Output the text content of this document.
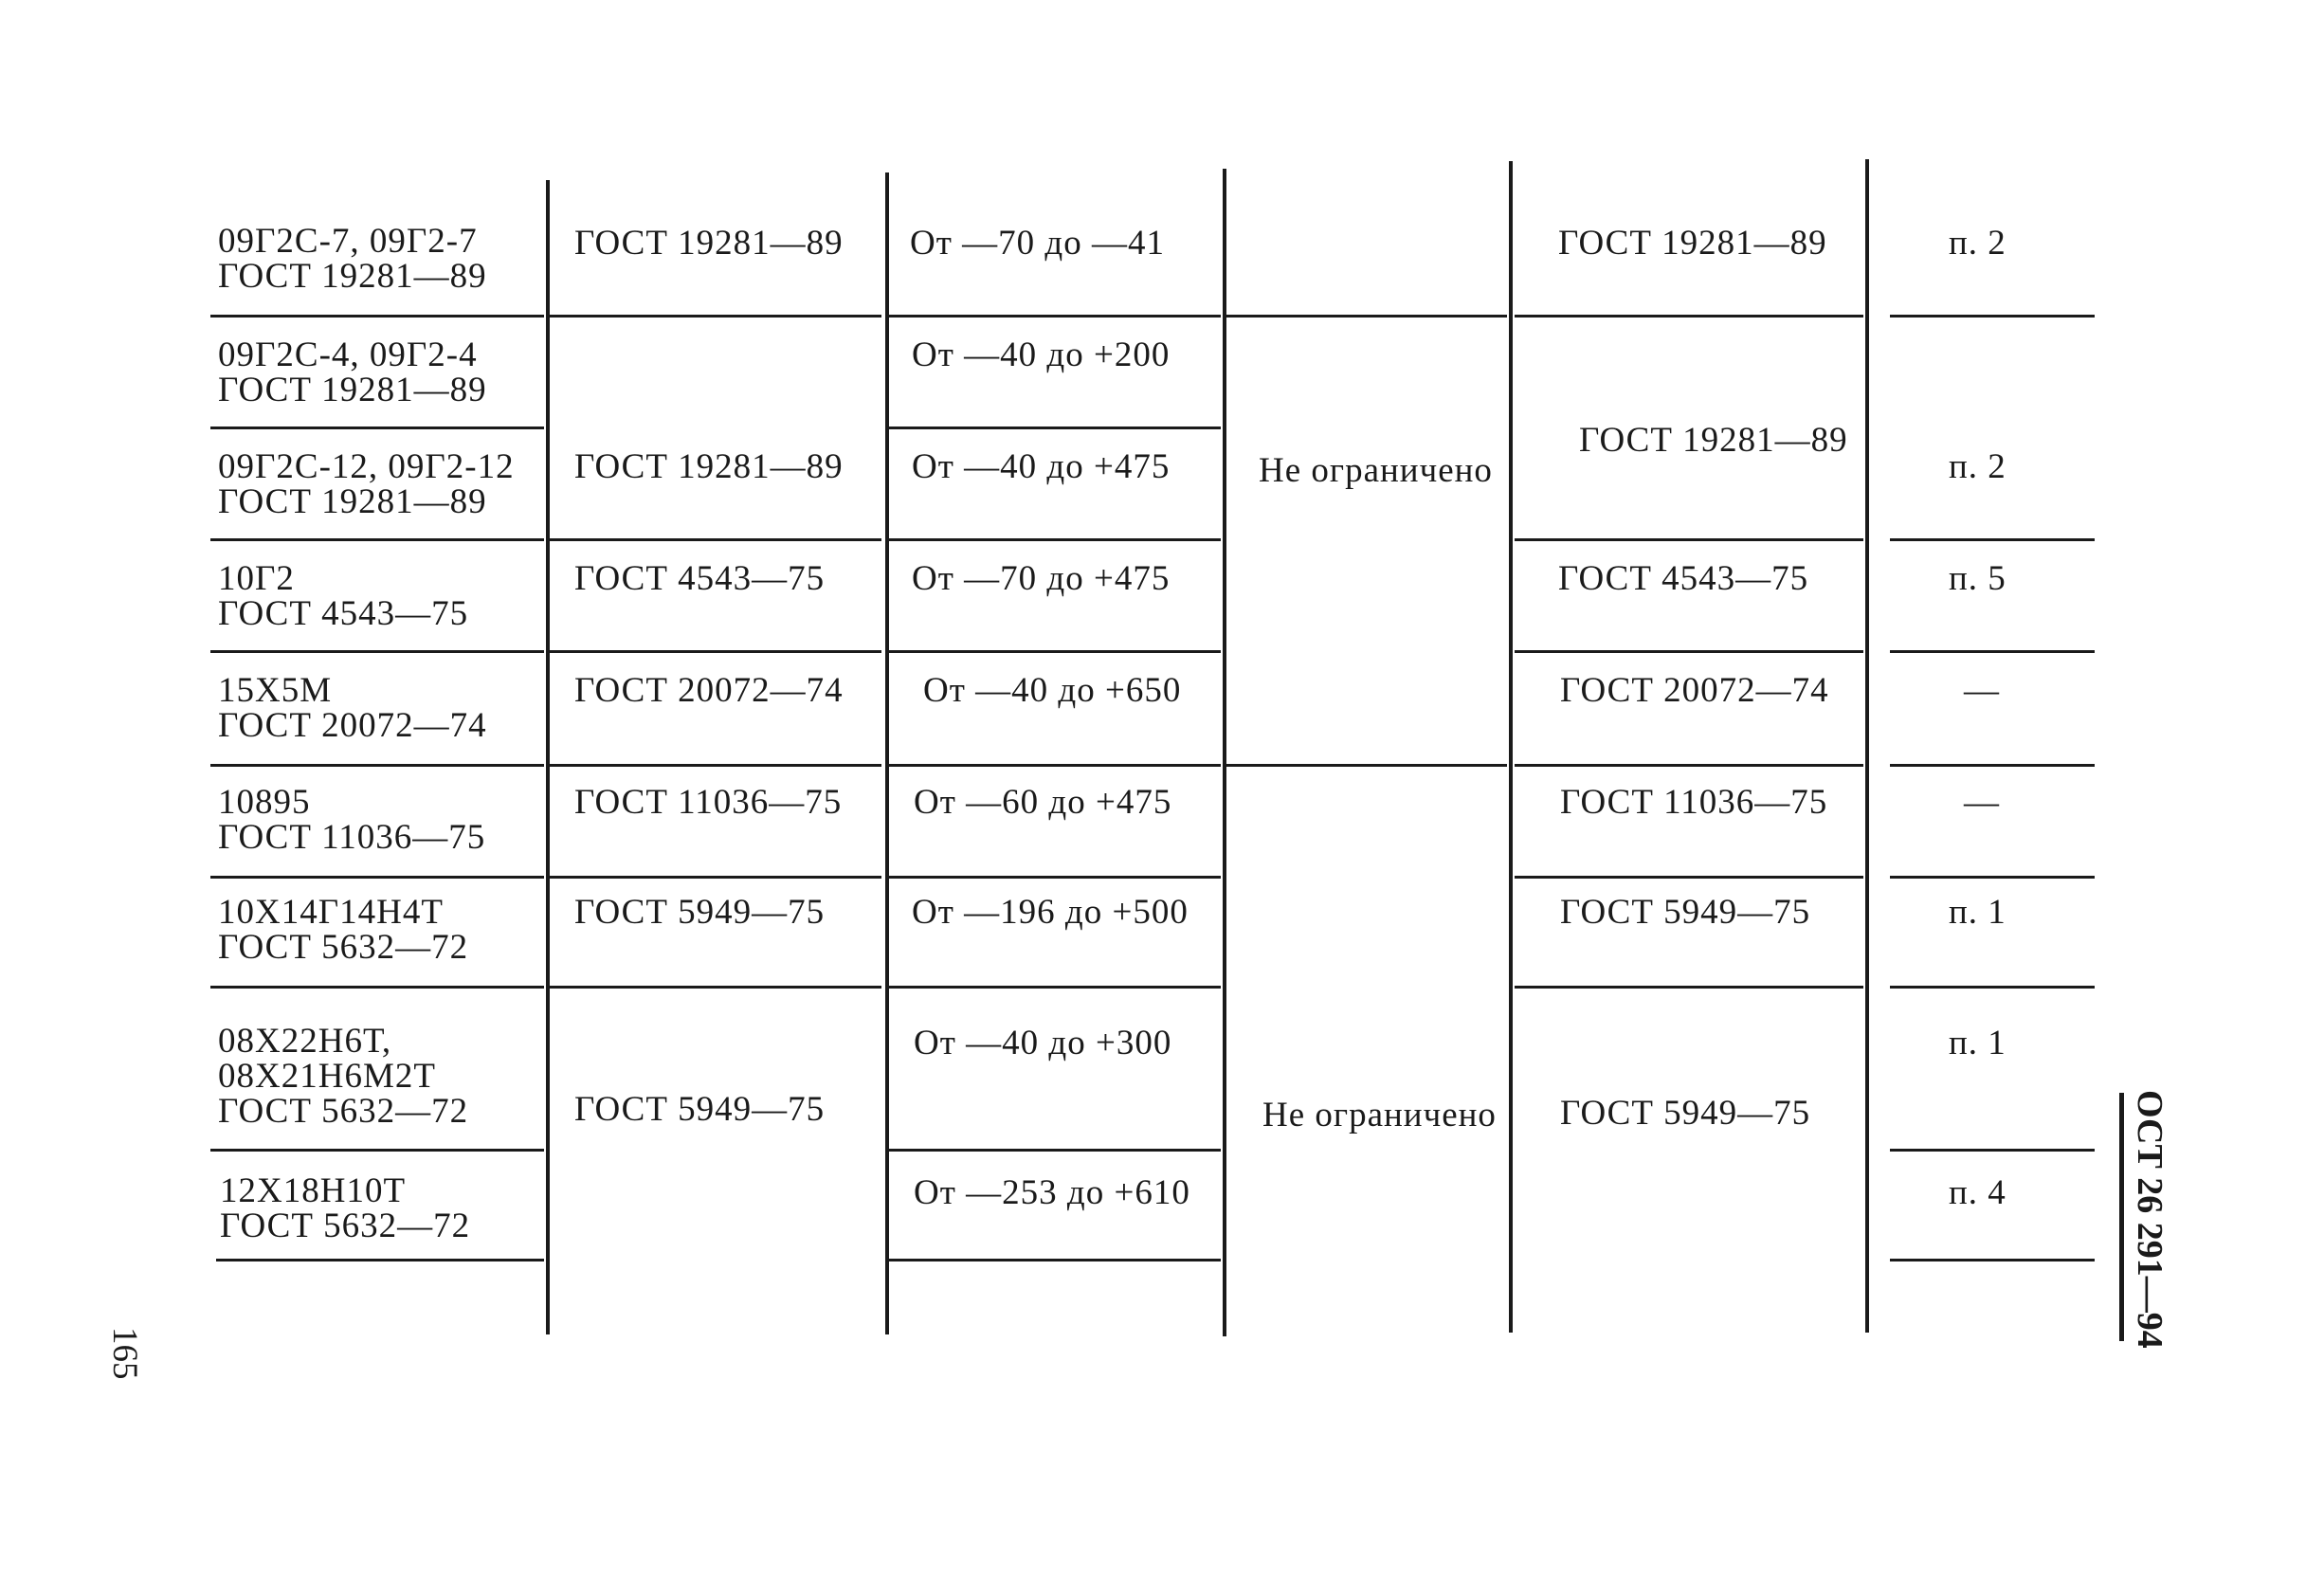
09Г2С-7, 09Г2-7
ГОСТ 19281—89
09Г2С-4, 09Г2-4
ГОСТ 19281—89
09Г2С-12, 09Г2-12
ГОСТ 19281—89
10Г2
ГОСТ 4543—75
15Х5М
ГОСТ 20072—74
10895
ГОСТ 11036—75
10Х14Г14Н4Т
ГОСТ 5632—72
08Х22Н6Т,
08Х21Н6М2Т
ГОСТ 5632—72
12Х18Н10Т
ГОСТ 5632—72
ГОСТ 19281—89
ГОСТ 19281—89
ГОСТ 4543—75
ГОСТ 20072—74
ГОСТ 11036—75
ГОСТ 5949—75
ГОСТ 5949—75
От —70 до —41
От —40 до +200
От —40 до +475
От —70 до +475
От —40 до +650
От —60 до +475
От —196 до +500
От —40 до +300
От —253 до +610
Не ограничено
Не ограничено
ГОСТ 19281—89
ГОСТ 19281—89
ГОСТ 4543—75
ГОСТ 20072—74
ГОСТ 11036—75
ГОСТ 5949—75
ГОСТ 5949—75
п. 2
п. 2
п. 5
—
—
п. 1
п. 1
п. 4
165
ОСТ 26 291—94
